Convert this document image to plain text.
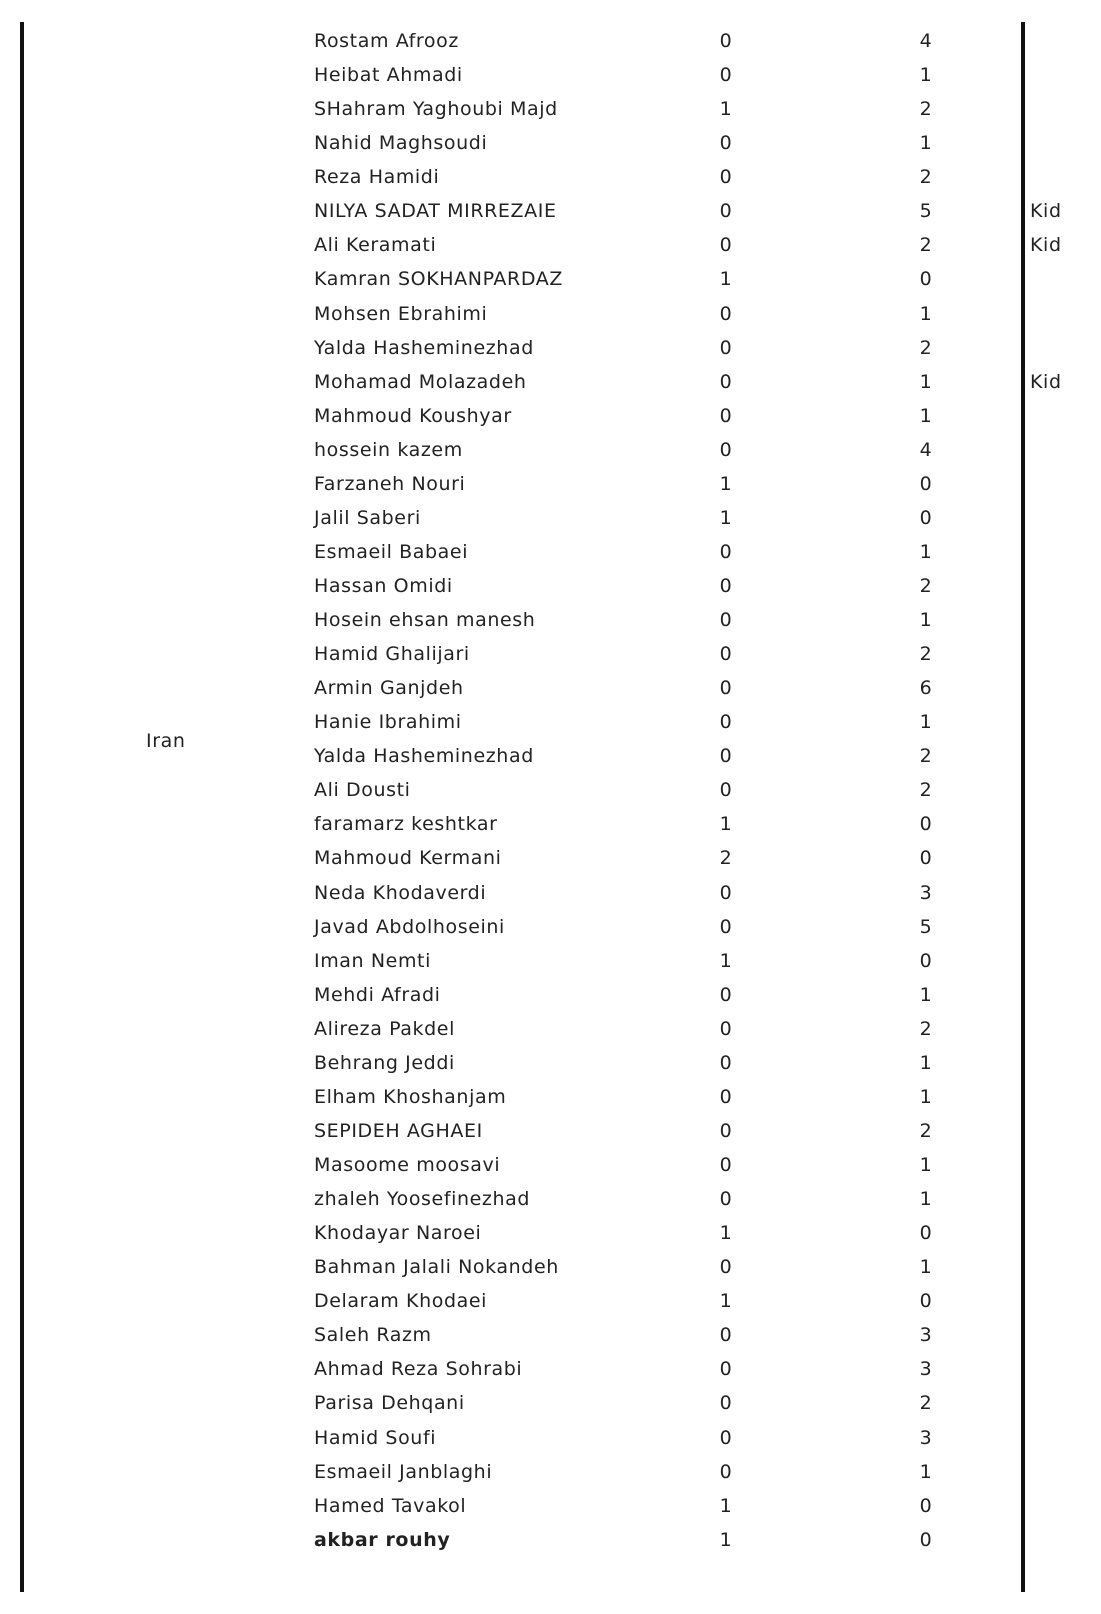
Iran
Rostam Afrooz	0	4
Heibat Ahmadi	0	1
SHahram Yaghoubi Majd	1	2
Nahid Maghsoudi	0	1
Reza Hamidi	0	2
NILYA SADAT MIRREZAIE	0	5	Kid
Ali Keramati	0	2	Kid
Kamran SOKHANPARDAZ	1	0
Mohsen Ebrahimi	0	1
Yalda Hasheminezhad	0	2
Mohamad Molazadeh	0	1	Kid
Mahmoud Koushyar	0	1
hossein kazem	0	4
Farzaneh Nouri	1	0
Jalil Saberi	1	0
Esmaeil Babaei	0	1
Hassan Omidi	0	2
Hosein ehsan manesh	0	1
Hamid Ghalijari	0	2
Armin Ganjdeh	0	6
Hanie Ibrahimi	0	1
Yalda Hasheminezhad	0	2
Ali Dousti	0	2
faramarz keshtkar	1	0
Mahmoud Kermani	2	0
Neda Khodaverdi	0	3
Javad Abdolhoseini	0	5
Iman Nemti	1	0
Mehdi Afradi	0	1
Alireza Pakdel	0	2
Behrang Jeddi	0	1
Elham Khoshanjam	0	1
SEPIDEH AGHAEI	0	2
Masoome moosavi	0	1
zhaleh Yoosefinezhad	0	1
Khodayar Naroei	1	0
Bahman Jalali Nokandeh	0	1
Delaram Khodaei	1	0
Saleh Razm	0	3
Ahmad Reza Sohrabi	0	3
Parisa Dehqani	0	2
Hamid Soufi	0	3
Esmaeil Janblaghi	0	1
Hamed Tavakol	1	0
akbar rouhy	1	0
